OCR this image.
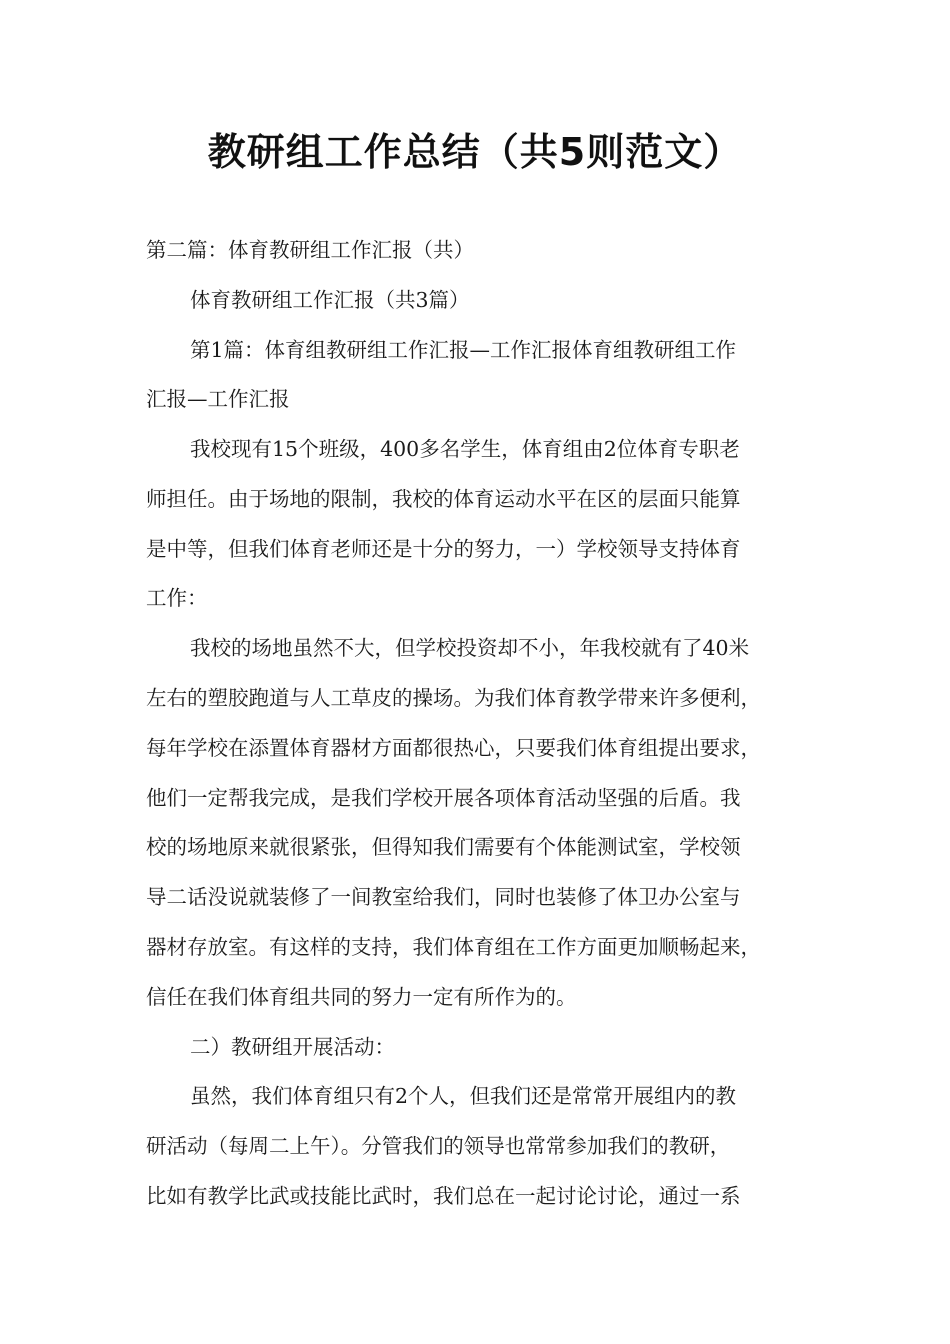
教研组工作总结（共5则范文）
第二篇：体育教研组工作汇报（共）
体育教研组工作汇报（共3篇）
第1篇：体育组教研组工作汇报—工作汇报体育组教研组工作
汇报—工作汇报
我校现有15个班级，400多名学生，体育组由2位体育专职老
师担任。由于场地的限制，我校的体育运动水平在区的层面只能算
是中等，但我们体育老师还是十分的努力，一）学校领导支持体育
工作：
我校的场地虽然不大，但学校投资却不小，年我校就有了40米
左右的塑胶跑道与人工草皮的操场。为我们体育教学带来许多便利，
每年学校在添置体育器材方面都很热心，只要我们体育组提出要求，
他们一定帮我完成，是我们学校开展各项体育活动坚强的后盾。我
校的场地原来就很紧张，但得知我们需要有个体能测试室，学校领
导二话没说就装修了一间教室给我们，同时也装修了体卫办公室与
器材存放室。有这样的支持，我们体育组在工作方面更加顺畅起来，
信任在我们体育组共同的努力一定有所作为的。
二）教研组开展活动：
虽然，我们体育组只有2个人，但我们还是常常开展组内的教
研活动（每周二上午）。分管我们的领导也常常参加我们的教研，
比如有教学比武或技能比武时，我们总在一起讨论讨论，通过一系
